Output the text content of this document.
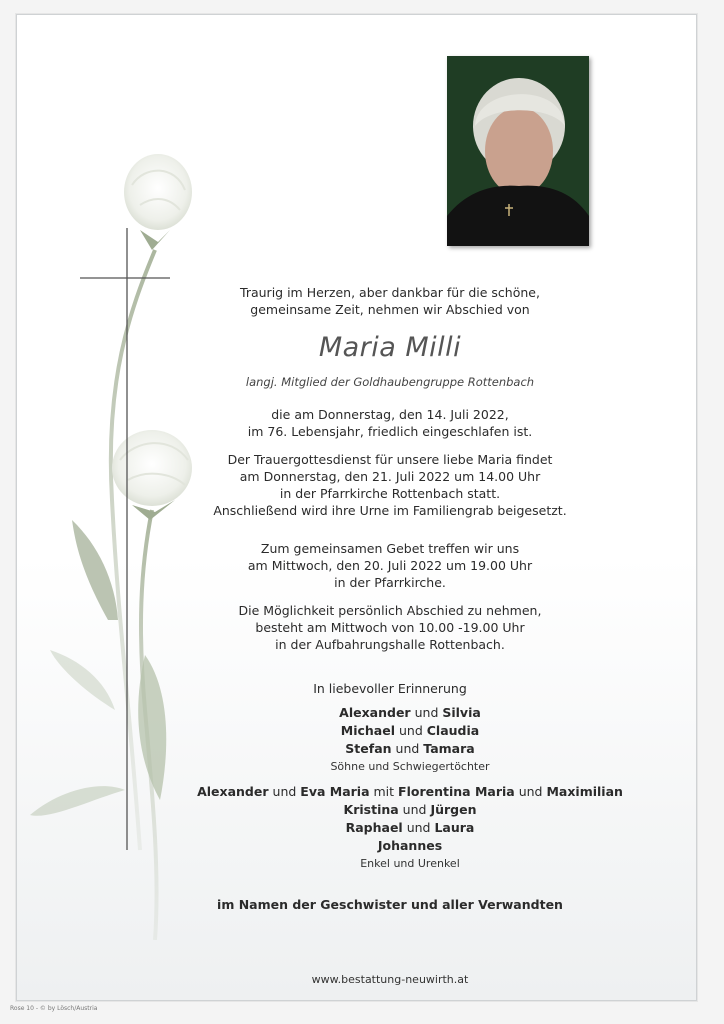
Traurig im Herzen, aber dankbar für die schöne,
gemeinsame Zeit, nehmen wir Abschied von
Maria Milli
langj. Mitglied der Goldhaubengruppe Rottenbach
die am Donnerstag, den 14. Juli 2022,
im 76. Lebensjahr, friedlich eingeschlafen ist.
Der Trauergottesdienst für unsere liebe Maria findet
am Donnerstag, den 21. Juli 2022 um 14.00 Uhr
in der Pfarrkirche Rottenbach statt.
Anschließend wird ihre Urne im Familiengrab beigesetzt.
Zum gemeinsamen Gebet treffen wir uns
am Mittwoch, den 20. Juli 2022 um 19.00 Uhr
in der Pfarrkirche.
Die Möglichkeit persönlich Abschied zu nehmen,
besteht am Mittwoch von 10.00 -19.00 Uhr
in der Aufbahrungshalle Rottenbach.
In liebevoller Erinnerung
Alexander und Silvia
Michael und Claudia
Stefan und Tamara
Söhne und Schwiegertöchter
Alexander und Eva Maria mit Florentina Maria und Maximilian
Kristina und Jürgen
Raphael und Laura
Johannes
Enkel und Urenkel
im Namen der Geschwister und aller Verwandten
www.bestattung-neuwirth.at
Rose 10 - © by Lösch/Austria
